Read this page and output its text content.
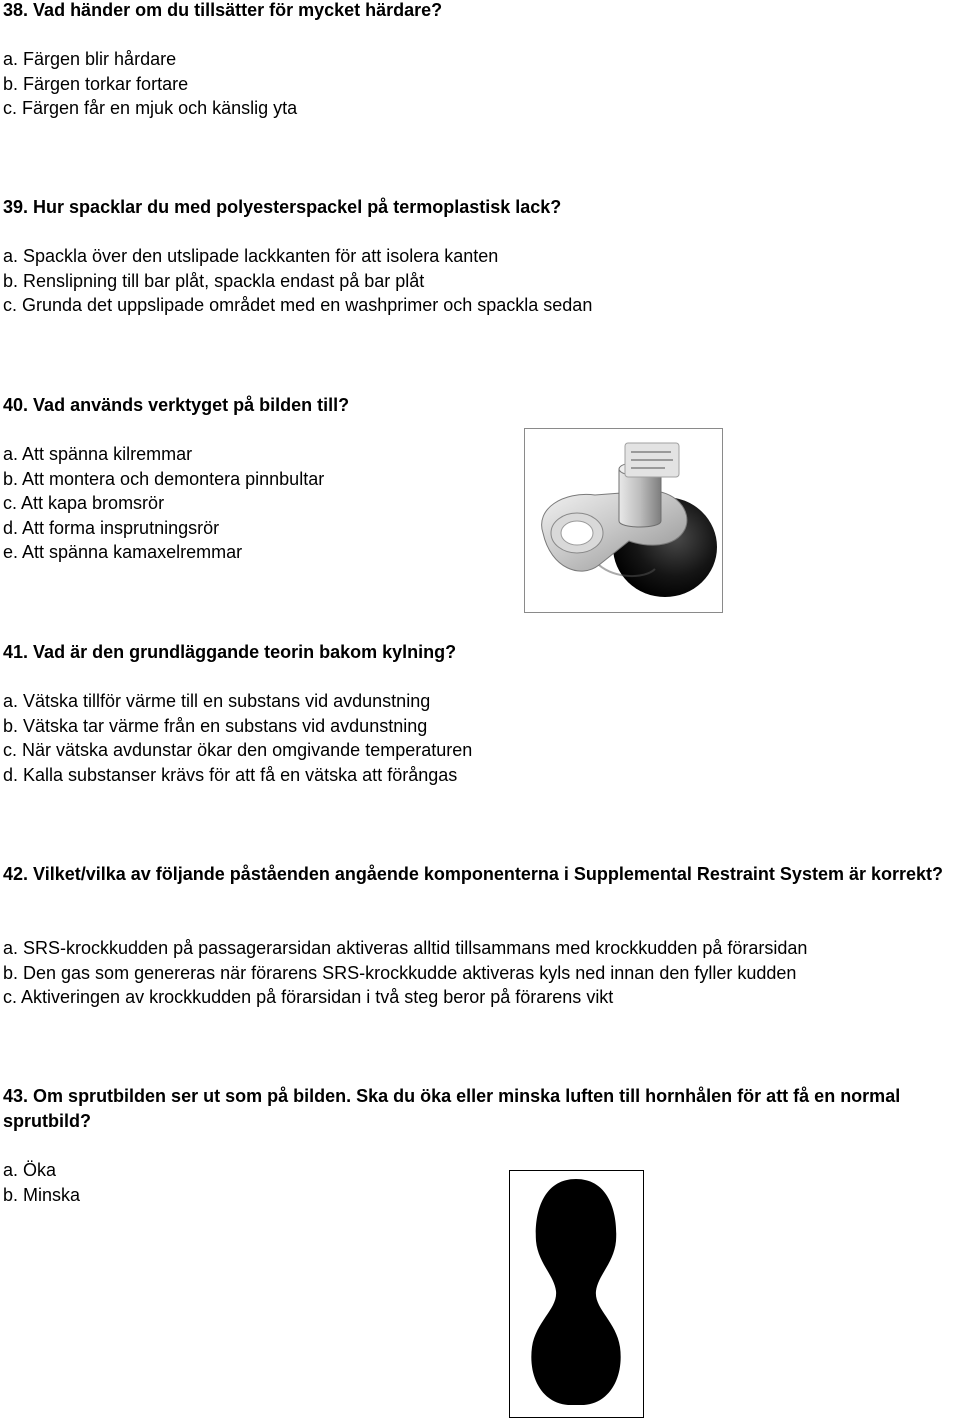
38. Vad händer om du tillsätter för mycket härdare?

a. Färgen blir hårdare
b. Färgen torkar fortare
c. Färgen får en mjuk och känslig yta

39. Hur spacklar du med polyesterspackel på termoplastisk lack?

a. Spackla över den utslipade lackkanten för att isolera kanten
b. Renslipning till bar plåt, spackla endast på bar plåt
c. Grunda det uppslipade området med en washprimer och spackla sedan

40. Vad används verktyget på bilden till?

a. Att spänna kilremmar
b. Att montera och demontera pinnbultar
c. Att kapa bromsrör
d. Att forma insprutningsrör
e. Att spänna kamaxelremmar

41. Vad är den grundläggande teorin bakom kylning?

a. Vätska tillför värme till en substans vid avdunstning
b. Vätska tar värme från en substans vid avdunstning
c. När vätska avdunstar ökar den omgivande temperaturen
d. Kalla substanser krävs för att få en vätska att förångas

42. Vilket/vilka av följande påståenden angående komponenterna i Supplemental Restraint System är korrekt?

a. SRS-krockkudden på passagerarsidan aktiveras alltid tillsammans med krockkudden på förarsidan
b. Den gas som genereras när förarens SRS-krockkudde aktiveras kyls ned innan den fyller kudden
c. Aktiveringen av krockkudden på förarsidan i två steg beror på förarens vikt

43. Om sprutbilden ser ut som på bilden. Ska du öka eller minska luften till hornhålen för att få en normal sprutbild?

a. Öka
b. Minska
